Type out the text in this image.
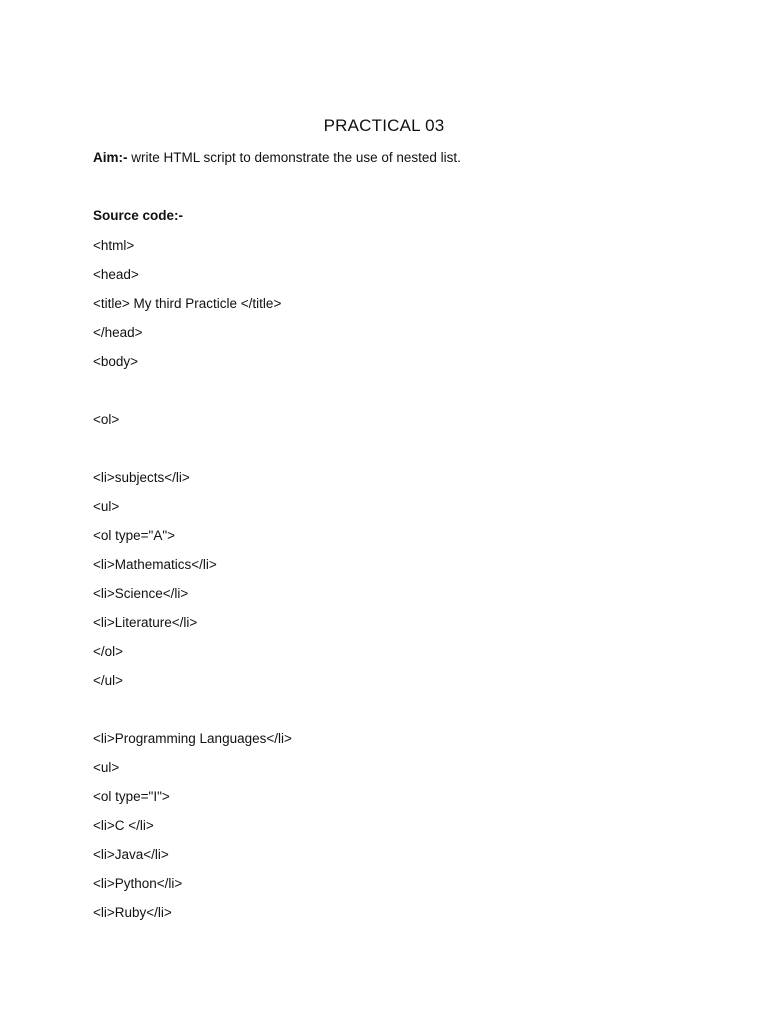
PRACTICAL 03
Aim:- write HTML script to demonstrate the use of nested list.
Source code:-
<html>
<head>
<title> My third Practicle </title>
</head>
<body>
<ol>
<li>subjects</li>
<ul>
<ol type="A">
<li>Mathematics</li>
<li>Science</li>
<li>Literature</li>
</ol>
</ul>
<li>Programming Languages</li>
<ul>
<ol type="I">
<li>C </li>
<li>Java</li>
<li>Python</li>
<li>Ruby</li>
